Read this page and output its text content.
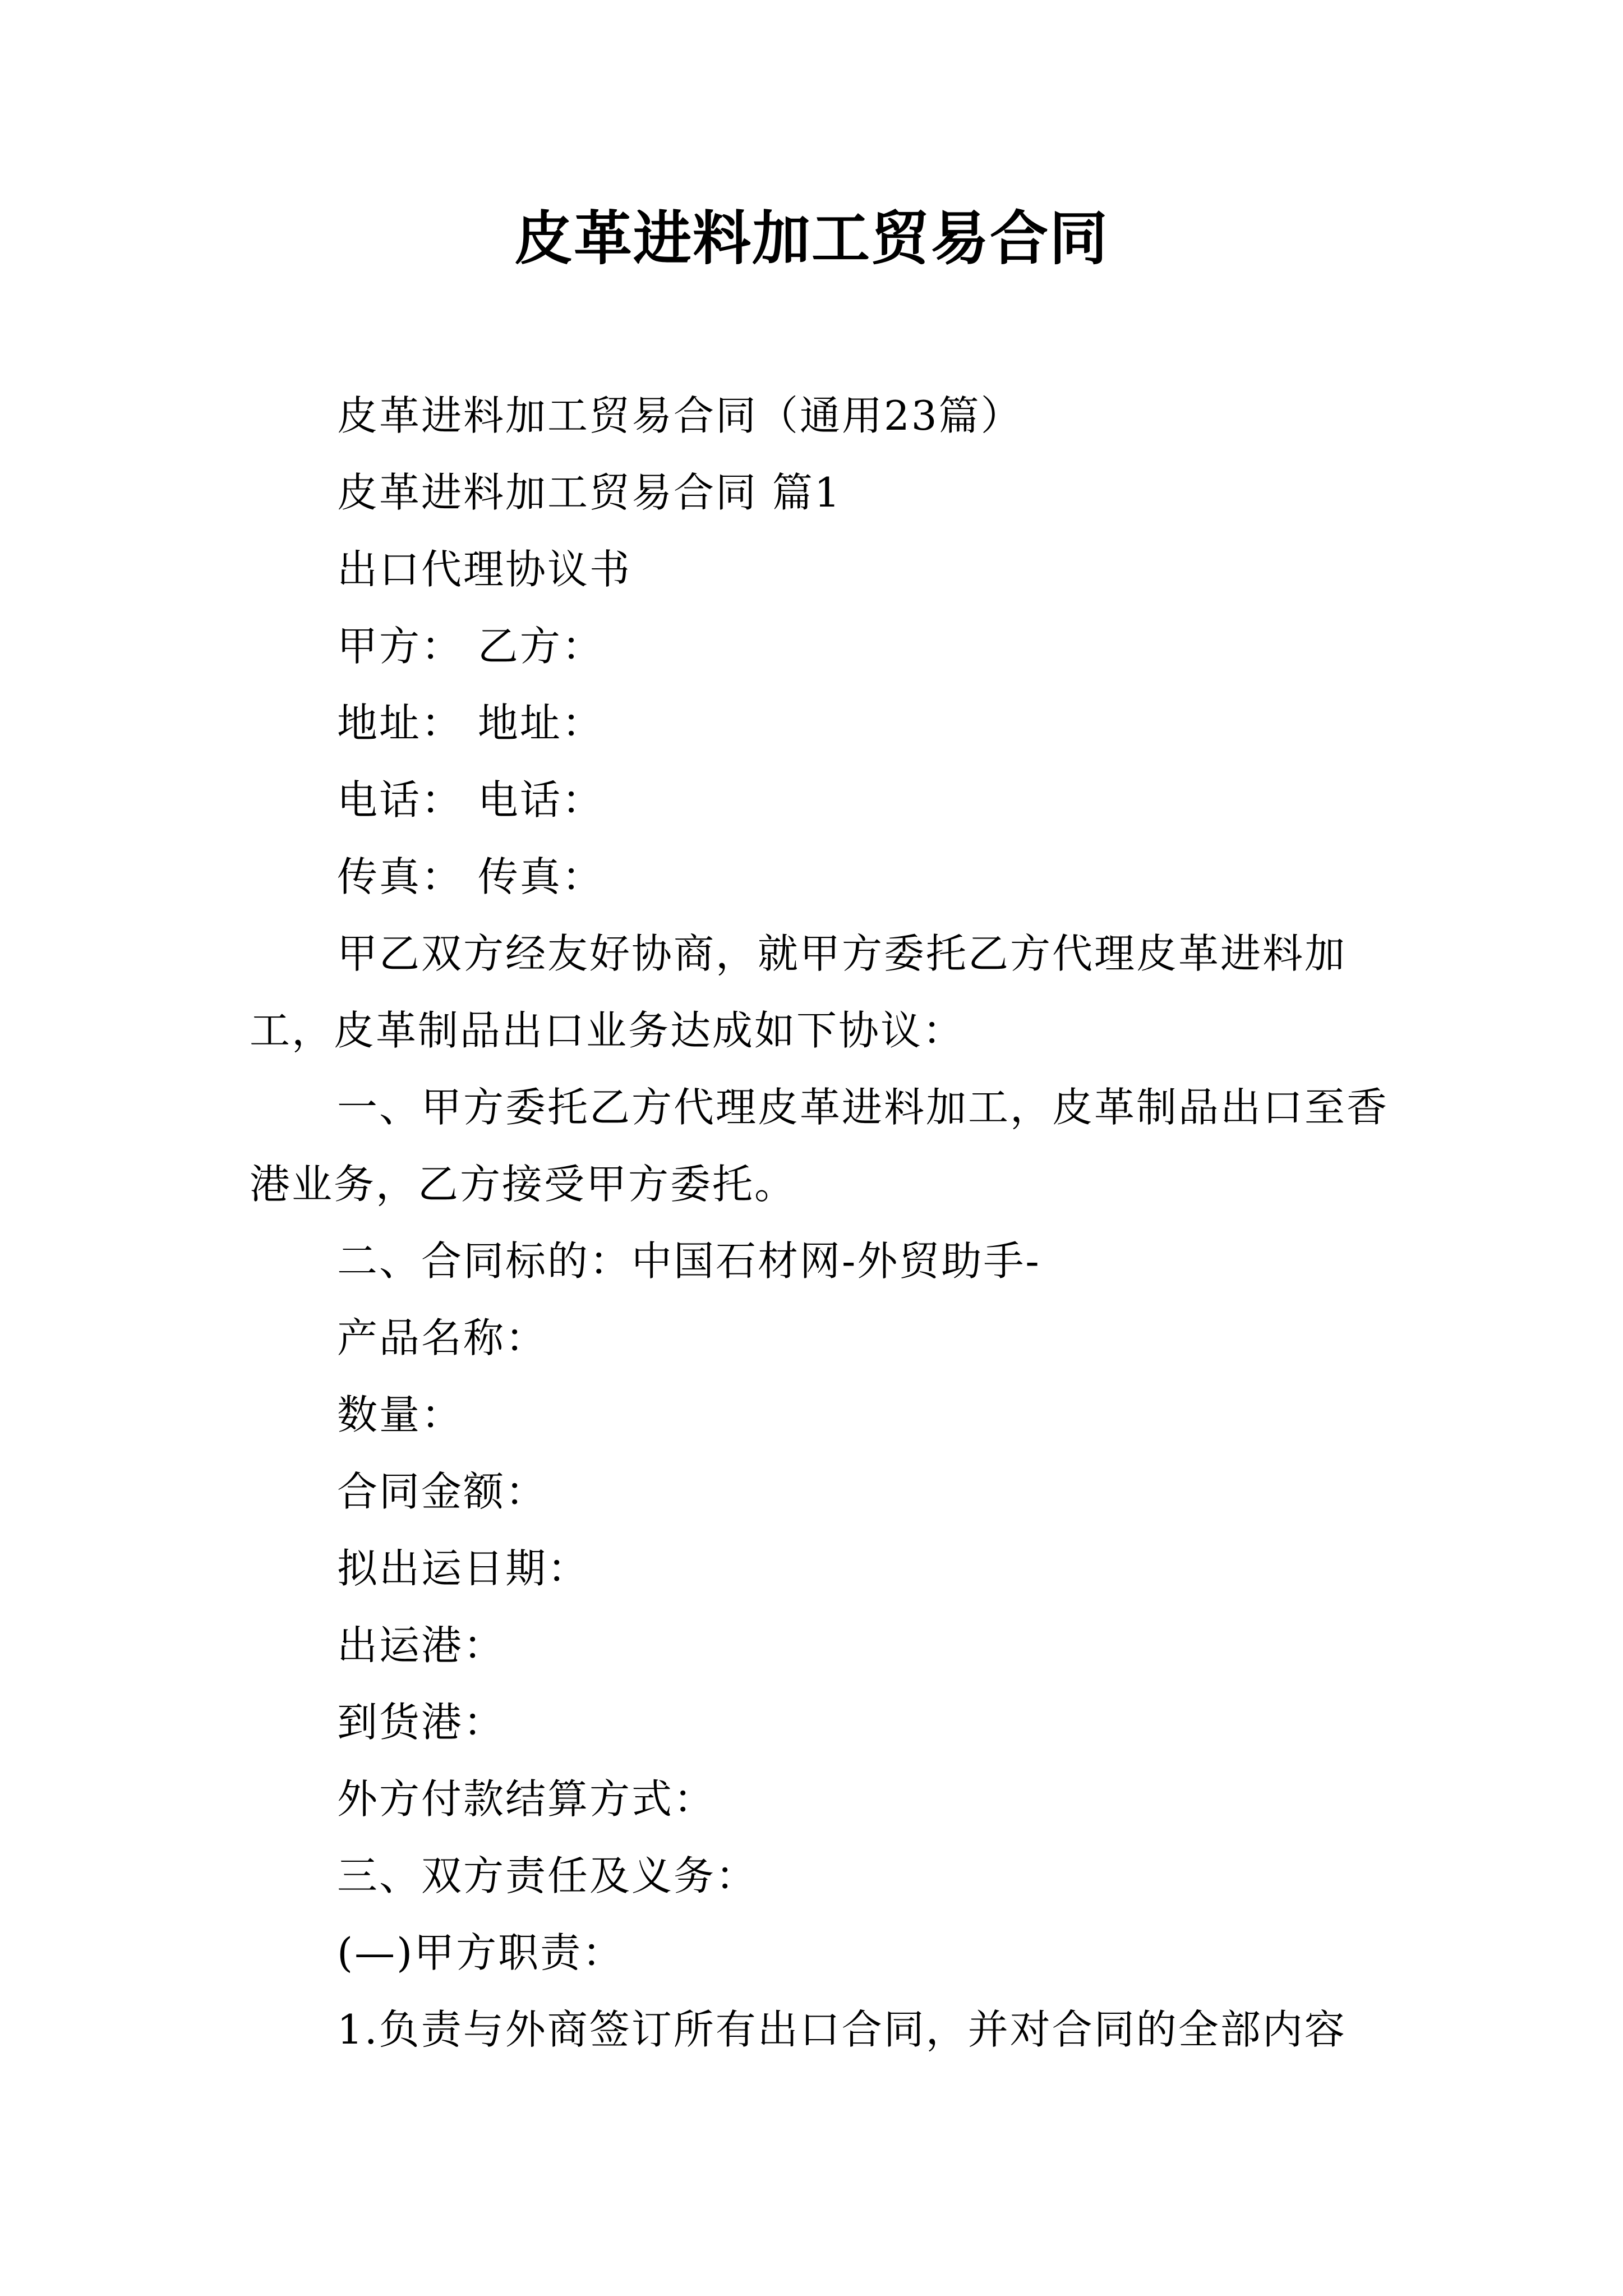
皮革进料加工贸易合同

皮革进料加工贸易合同（通用23篇）

皮革进料加工贸易合同 篇1

出口代理协议书

甲方： 乙方：

地址： 地址：

电话： 电话：

传真： 传真：

甲乙双方经友好协商，就甲方委托乙方代理皮革进料加工，皮革制品出口业务达成如下协议：

一、甲方委托乙方代理皮革进料加工，皮革制品出口至香港业务，乙方接受甲方委托。

二、合同标的：中国石材网-外贸助手-

产品名称：

数量：

合同金额：

拟出运日期：

出运港：

到货港：

外方付款结算方式：

三、双方责任及义务：

(—)甲方职责：

1.负责与外商签订所有出口合同，并对合同的全部内容
